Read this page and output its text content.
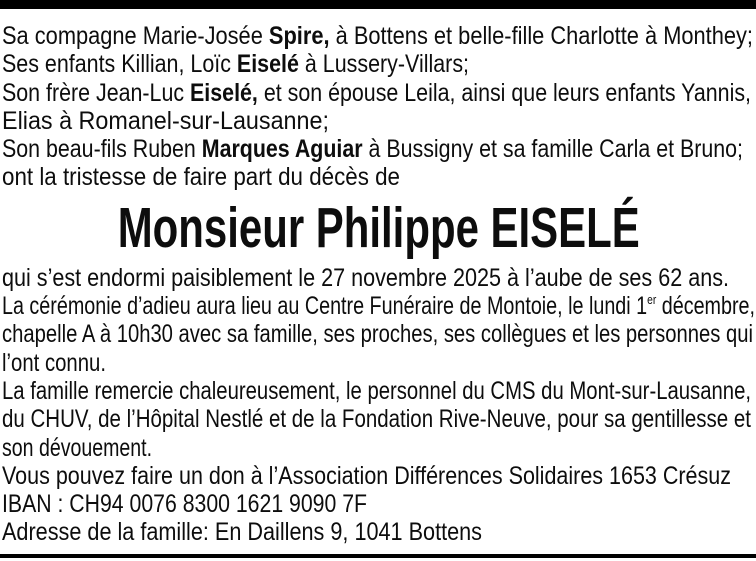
Sa compagne Marie-Josée Spire, à Bottens et belle-fille Charlotte à Monthey;
Ses enfants Killian, Loïc Eiselé à Lussery-Villars;
Son frère Jean-Luc Eiselé, et son épouse Leila, ainsi que leurs enfants Yannis,
Elias à Romanel-sur-Lausanne;
Son beau-fils Ruben Marques Aguiar à Bussigny et sa famille Carla et Bruno;
ont la tristesse de faire part du décès de
Monsieur Philippe EISELÉ
qui s’est endormi paisiblement le 27 novembre 2025 à l’aube de ses 62 ans.
La cérémonie d’adieu aura lieu au Centre Funéraire de Montoie, le lundi 1er décembre,
chapelle A à 10h30 avec sa famille, ses proches, ses collègues et les personnes qui
l’ont connu.
La famille remercie chaleureusement, le personnel du CMS du Mont-sur-Lausanne,
du CHUV, de l’Hôpital Nestlé et de la Fondation Rive-Neuve, pour sa gentillesse et
son dévouement.
Vous pouvez faire un don à l’Association Différences Solidaires 1653 Crésuz
IBAN : CH94 0076 8300 1621 9090 7F
Adresse de la famille: En Daillens 9, 1041 Bottens
